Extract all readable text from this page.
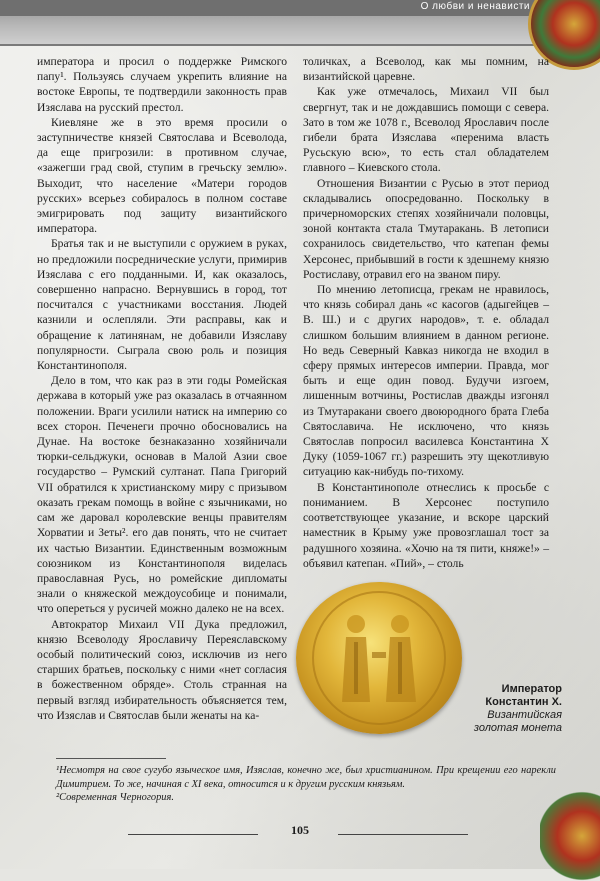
О любви и ненависти

императора и просил о поддержке Римского папу¹. Пользуясь случаем укрепить влияние на востоке Европы, те подтвердили законность прав Изяслава на русский престол.

Киевляне же в это время просили о заступничестве князей Святослава и Всеволода, да еще пригрозили: в противном случае, «зажегши град свой, ступим в гречьску землю». Выходит, что население «Матери городов русских» всерьез собиралось в полном составе эмигрировать под защиту византийского императора.

Братья так и не выступили с оружием в руках, но предложили посреднические услуги, примирив Изяслава с его подданными. И, как оказалось, совершенно напрасно. Вернувшись в город, тот посчитался с участниками восстания. Людей казнили и ослепляли. Эти расправы, как и обращение к латинянам, не добавили Изяславу популярности. Сыграла свою роль и позиция Константинополя.

Дело в том, что как раз в эти годы Ромейская держава в который уже раз оказалась в отчаянном положении. Враги усилили натиск на империю со всех сторон. Печенеги прочно обосновались на Дунае. На востоке безнаказанно хозяйничали тюрки-сельджуки, основав в Малой Азии свое государство – Румский султанат. Папа Григорий VII обратился к христианскому миру с призывом оказать грекам помощь в войне с язычниками, но сам же даровал королевские венцы правителям Хорватии и Зеты². его дав понять, что не считает их частью Византии. Единственным возможным союзником из Константинополя виделась православная Русь, но ромейские дипломаты знали о княжеской междоусобице и понимали, что опереться у русичей можно далеко не на всех.

Автократор Михаил VII Дука предложил, князю Всеволоду Ярославичу Переяславскому особый политический союз, исключив из него старших братьев, поскольку с ними «нет согласия в божественном обряде». Столь странная на первый взгляд избирательность объясняется тем, что Изяслав и Святослав были женаты на ка-

толичках, а Всеволод, как мы помним, на византийской царевне.

Как уже отмечалось, Михаил VII был свергнут, так и не дождавшись помощи с севера. Зато в том же 1078 г., Всеволод Ярославич после гибели брата Изяслава «перенима власть Русьскую всю», то есть стал обладателем главного – Киевского стола.

Отношения Византии с Русью в этот период складывались опосредованно. Поскольку в причерноморских степях хозяйничали половцы, зоной контакта стала Тмутаракань. В летописи сохранилось свидетельство, что катепан фемы Херсонес, прибывший в гости к здешнему князю Ростиславу, отравил его на званом пиру.

По мнению летописца, грекам не нравилось, что князь собирал дань «с касогов (адыгейцев – В. Ш.) и с других народов», т. е. обладал слишком большим влиянием в данном регионе. Но ведь Северный Кавказ никогда не входил в сферу прямых интересов империи. Правда, мог быть и еще один повод. Будучи изгоем, лишенным вотчины, Ростислав дважды изгонял из Тмутаракани своего двоюродного брата Глеба Святославича. Не исключено, что князь Святослав попросил василевса Константина Х Дуку (1059-1067 гг.) разрешить эту щекотливую ситуацию как-нибудь по-тихому.

В Константинополе отнеслись к просьбе с пониманием. В Херсонес поступило соответствующее указание, и вскоре царский наместник в Крыму уже провозглашал тост за радушного хозяина. «Хочю на тя пити, княже!» – объявил катепан. «Пий», – столь

Император
Константин Х.
Византийская
золотая монета
¹Несмотря на свое сугубо языческое имя, Изяслав, конечно же, был христианином. При крещении его нарекли Димитрием. То же, начиная с XI века, относится и к другим русским князьям.
²Современная Черногория.
105
